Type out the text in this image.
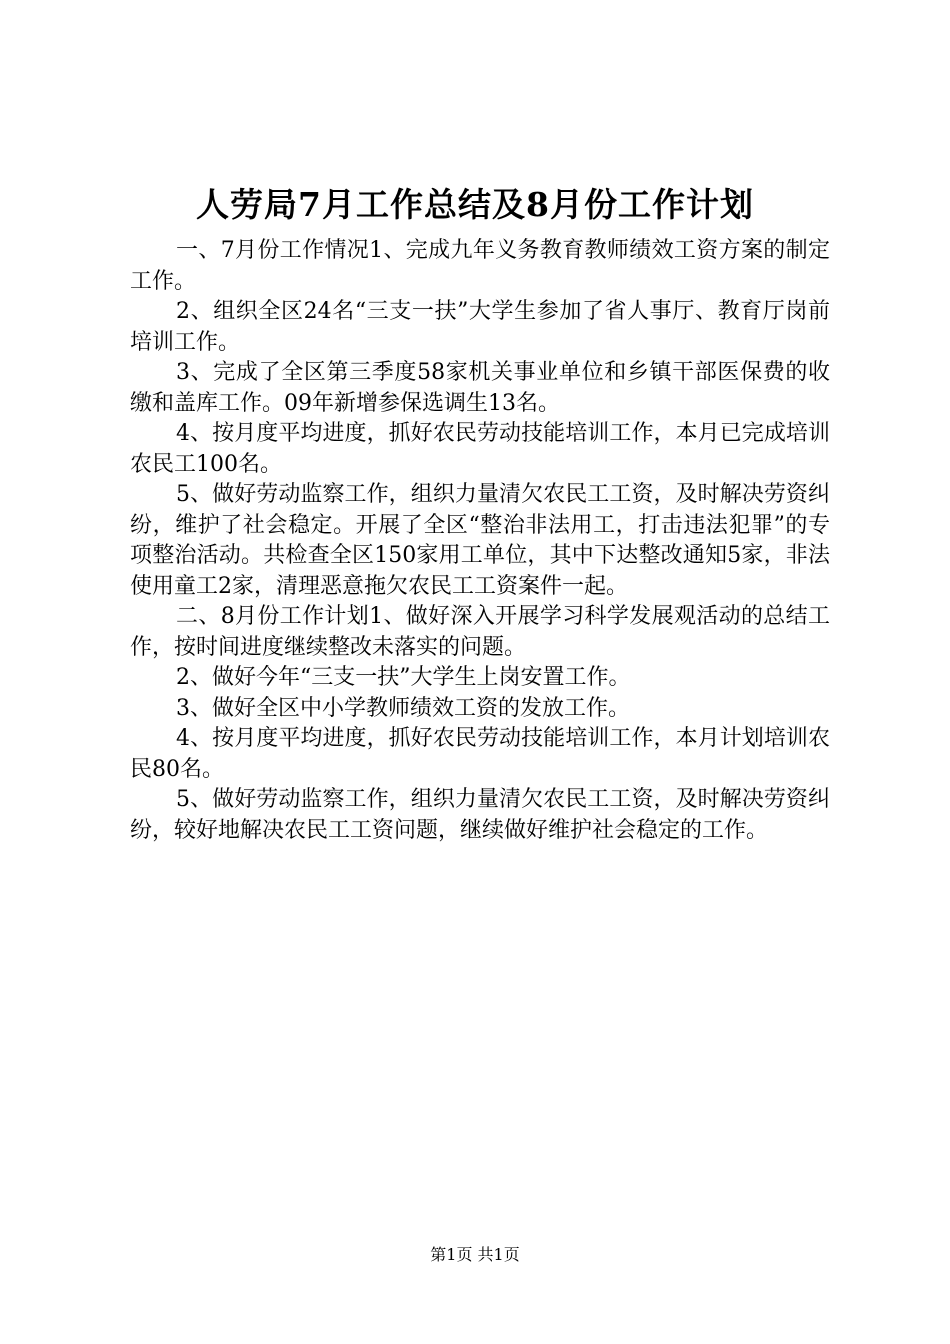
人劳局7月工作总结及8月份工作计划

一、7月份工作情况1、完成九年义务教育教师绩效工资方案的制定工作。

2、组织全区24名“三支一扶”大学生参加了省人事厅、教育厅岗前培训工作。

3、完成了全区第三季度58家机关事业单位和乡镇干部医保费的收缴和盖库工作。09年新增参保选调生13名。

4、按月度平均进度，抓好农民劳动技能培训工作，本月已完成培训农民工100名。

5、做好劳动监察工作，组织力量清欠农民工工资，及时解决劳资纠纷，维护了社会稳定。开展了全区“整治非法用工，打击违法犯罪”的专项整治活动。共检查全区150家用工单位，其中下达整改通知5家，非法使用童工2家，清理恶意拖欠农民工工资案件一起。

二、8月份工作计划1、做好深入开展学习科学发展观活动的总结工作，按时间进度继续整改未落实的问题。

2、做好今年“三支一扶”大学生上岗安置工作。

3、做好全区中小学教师绩效工资的发放工作。

4、按月度平均进度，抓好农民劳动技能培训工作，本月计划培训农民80名。

5、做好劳动监察工作，组织力量清欠农民工工资，及时解决劳资纠纷，较好地解决农民工工资问题，继续做好维护社会稳定的工作。

第1页 共1页
